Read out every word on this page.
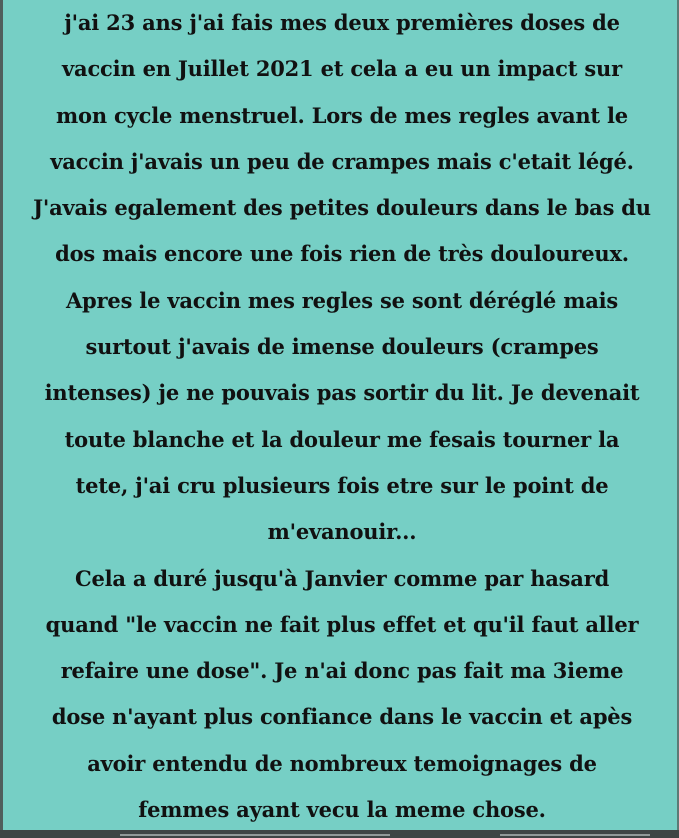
j'ai 23 ans j'ai fais mes deux premières doses de
vaccin en Juillet 2021 et cela a eu un impact sur
mon cycle menstruel. Lors de mes regles avant le
vaccin j'avais un peu de crampes mais c'etait légé.
J'avais egalement des petites douleurs dans le bas du
dos mais encore une fois rien de très douloureux.
Apres le vaccin mes regles se sont déréglé mais
surtout j'avais de imense douleurs (crampes
intenses) je ne pouvais pas sortir du lit. Je devenait
toute blanche et la douleur me fesais tourner la
tete, j'ai cru plusieurs fois etre sur le point de
m'evanouir...
Cela a duré jusqu'à Janvier comme par hasard
quand "le vaccin ne fait plus effet et qu'il faut aller
refaire une dose". Je n'ai donc pas fait ma 3ieme
dose n'ayant plus confiance dans le vaccin et apès
avoir entendu de nombreux temoignages de
femmes ayant vecu la meme chose.
